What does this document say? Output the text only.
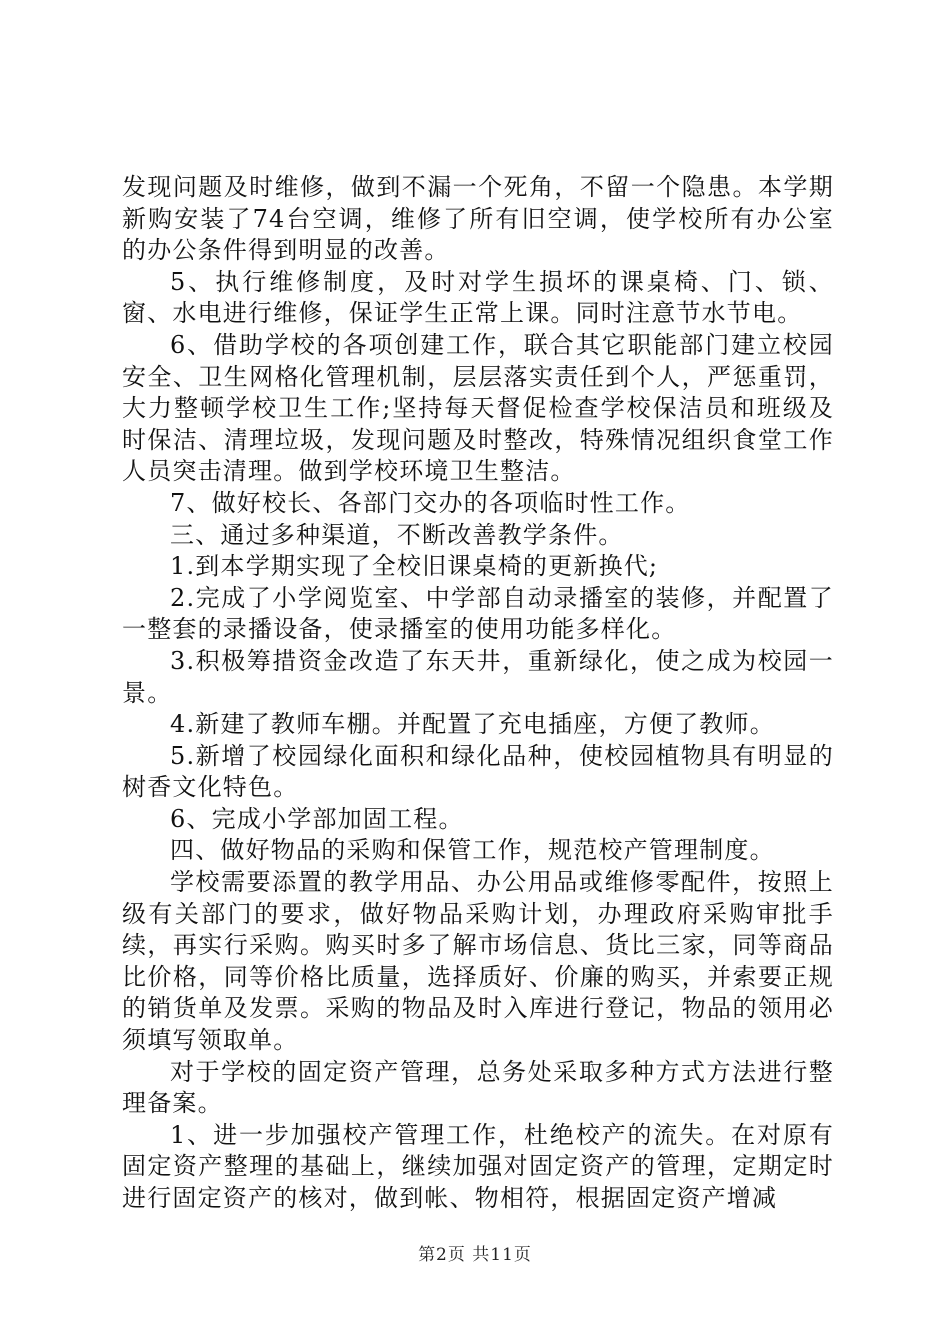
发现问题及时维修，做到不漏一个死角，不留一个隐患。本学期新购安装了74台空调，维修了所有旧空调，使学校所有办公室的办公条件得到明显的改善。

5、执行维修制度，及时对学生损坏的课桌椅、门、锁、窗、水电进行维修，保证学生正常上课。同时注意节水节电。

6、借助学校的各项创建工作，联合其它职能部门建立校园安全、卫生网格化管理机制，层层落实责任到个人，严惩重罚，大力整顿学校卫生工作;坚持每天督促检查学校保洁员和班级及时保洁、清理垃圾，发现问题及时整改，特殊情况组织食堂工作人员突击清理。做到学校环境卫生整洁。

7、做好校长、各部门交办的各项临时性工作。

三、通过多种渠道，不断改善教学条件。

1.到本学期实现了全校旧课桌椅的更新换代;

2.完成了小学阅览室、中学部自动录播室的装修，并配置了一整套的录播设备，使录播室的使用功能多样化。

3.积极筹措资金改造了东天井，重新绿化，使之成为校园一景。

4.新建了教师车棚。并配置了充电插座，方便了教师。

5.新增了校园绿化面积和绿化品种，使校园植物具有明显的树香文化特色。

6、完成小学部加固工程。

四、做好物品的采购和保管工作，规范校产管理制度。

学校需要添置的教学用品、办公用品或维修零配件，按照上级有关部门的要求，做好物品采购计划，办理政府采购审批手续，再实行采购。购买时多了解市场信息、货比三家，同等商品比价格，同等价格比质量，选择质好、价廉的购买，并索要正规的销货单及发票。采购的物品及时入库进行登记，物品的领用必须填写领取单。

对于学校的固定资产管理，总务处采取多种方式方法进行整理备案。

1、进一步加强校产管理工作，杜绝校产的流失。在对原有固定资产整理的基础上，继续加强对固定资产的管理，定期定时进行固定资产的核对，做到帐、物相符，根据固定资产增减

第2页 共11页
